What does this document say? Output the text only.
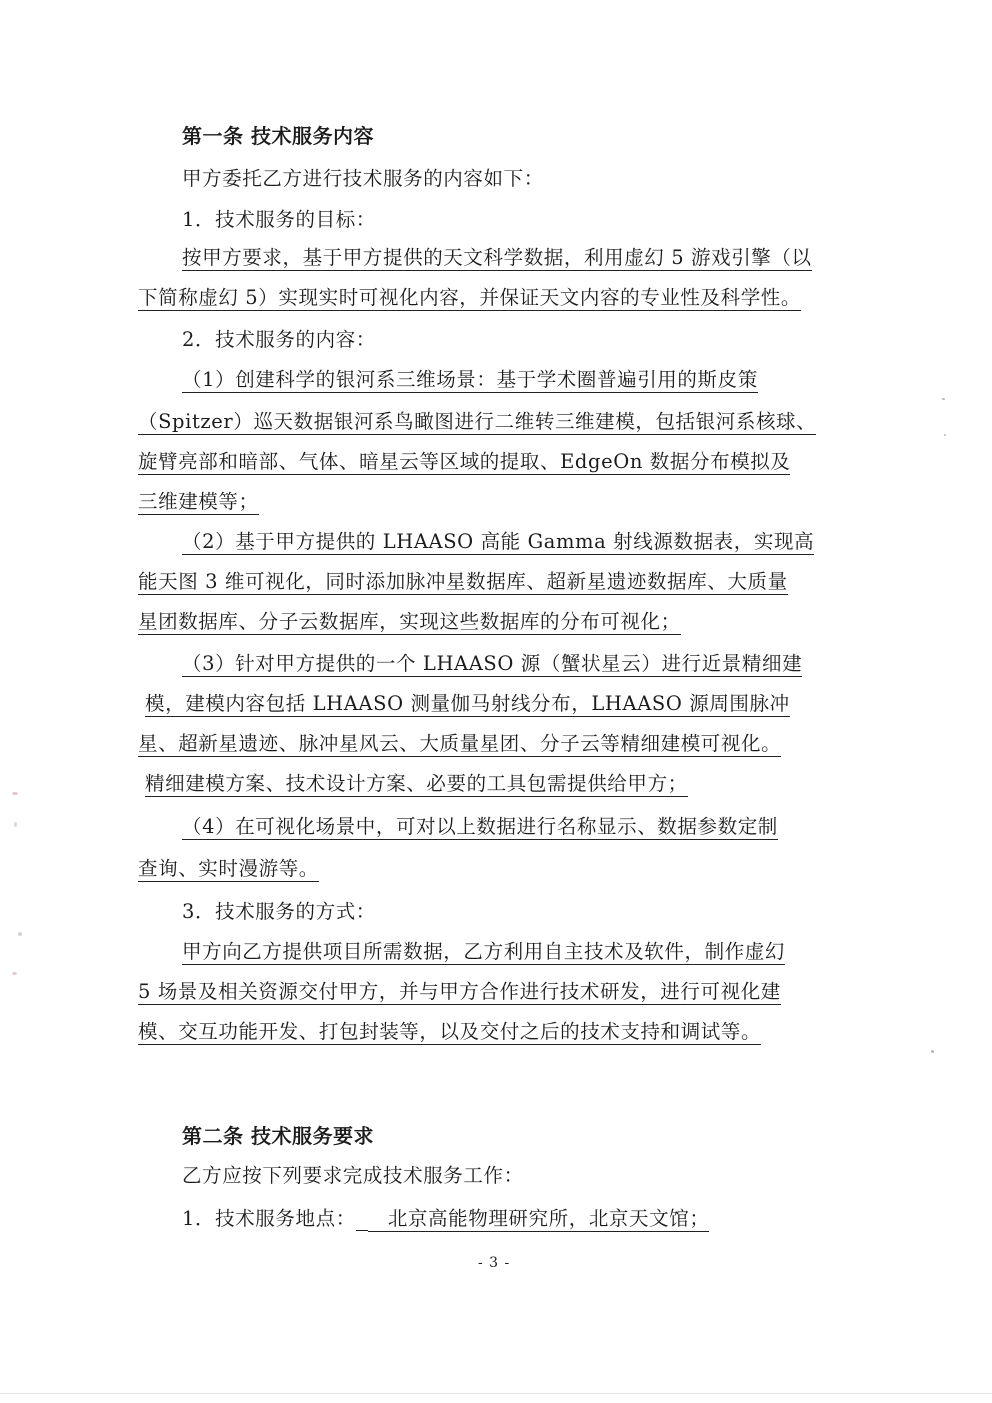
第一条 技术服务内容
甲方委托乙方进行技术服务的内容如下：
1．技术服务的目标：
按甲方要求，基于甲方提供的天文科学数据，利用虚幻 5 游戏引擎（以
下简称虚幻 5）实现实时可视化内容，并保证天文内容的专业性及科学性。
2．技术服务的内容：
（1）创建科学的银河系三维场景：基于学术圈普遍引用的斯皮策
（Spitzer）巡天数据银河系鸟瞰图进行二维转三维建模，包括银河系核球、
旋臂亮部和暗部、气体、暗星云等区域的提取、EdgeOn 数据分布模拟及
三维建模等；
（2）基于甲方提供的 LHAASO 高能 Gamma 射线源数据表，实现高
能天图 3 维可视化，同时添加脉冲星数据库、超新星遗迹数据库、大质量
星团数据库、分子云数据库，实现这些数据库的分布可视化；
（3）针对甲方提供的一个 LHAASO 源（蟹状星云）进行近景精细建
模，建模内容包括 LHAASO 测量伽马射线分布，LHAASO 源周围脉冲
星、超新星遗迹、脉冲星风云、大质量星团、分子云等精细建模可视化。
精细建模方案、技术设计方案、必要的工具包需提供给甲方；
（4）在可视化场景中，可对以上数据进行名称显示、数据参数定制
查询、实时漫游等。
3．技术服务的方式：
甲方向乙方提供项目所需数据，乙方利用自主技术及软件，制作虚幻
5 场景及相关资源交付甲方，并与甲方合作进行技术研发，进行可视化建
模、交互功能开发、打包封装等，以及交付之后的技术支持和调试等。
第二条 技术服务要求
乙方应按下列要求完成技术服务工作：
1．技术服务地点： 北京高能物理研究所，北京天文馆；
- 3 -
